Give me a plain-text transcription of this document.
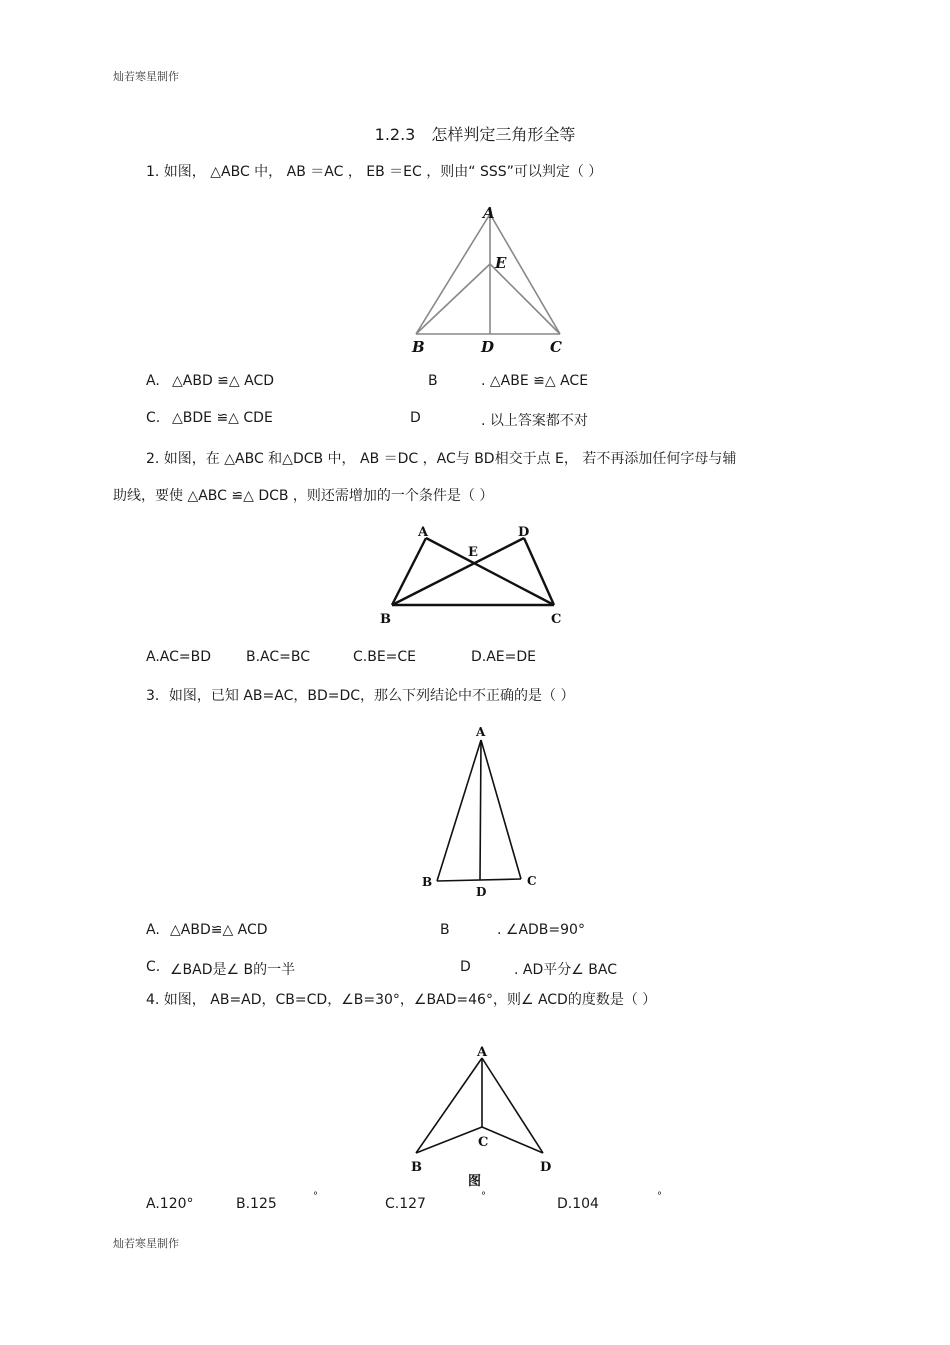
灿若寒星制作
1.2.3　怎样判定三角形全等
1. 如图， △ABC 中， AB ＝AC ， EB ＝EC ，则由“ SSS”可以判定（ ）
A
E
B	D	C
A. △ABD ≌△ ACD	B	. △ABE ≌△ ACE
C. △BDE ≌△ CDE	D	. 以上答案都不对
2. 如图，在 △ABC 和△DCB 中， AB ＝DC ，AC与 BD相交于点 E， 若不再添加任何字母与辅
助线，要使 △ABC ≌△ DCB ，则还需增加的一个条件是（ ）
A	D
E
B	C
A.AC=BD B.AC=BC	C.BE=CE	D.AE=DE
3．如图，已知 AB=AC，BD=DC，那么下列结论中不正确的是（ ）
A
B
D
C
A. △ABD≌△ ACD	B	. ∠ADB=90°
C. ∠BAD是∠ B的一半	D	. AD平分∠ BAC
4. 如图， AB=AD，CB=CD，∠B=30°，∠BAD=46°，则∠ ACD的度数是（ ）
A
C
B	D
图
A.120°	B.125	°	C.127	°	D.104	°
灿若寒星制作
